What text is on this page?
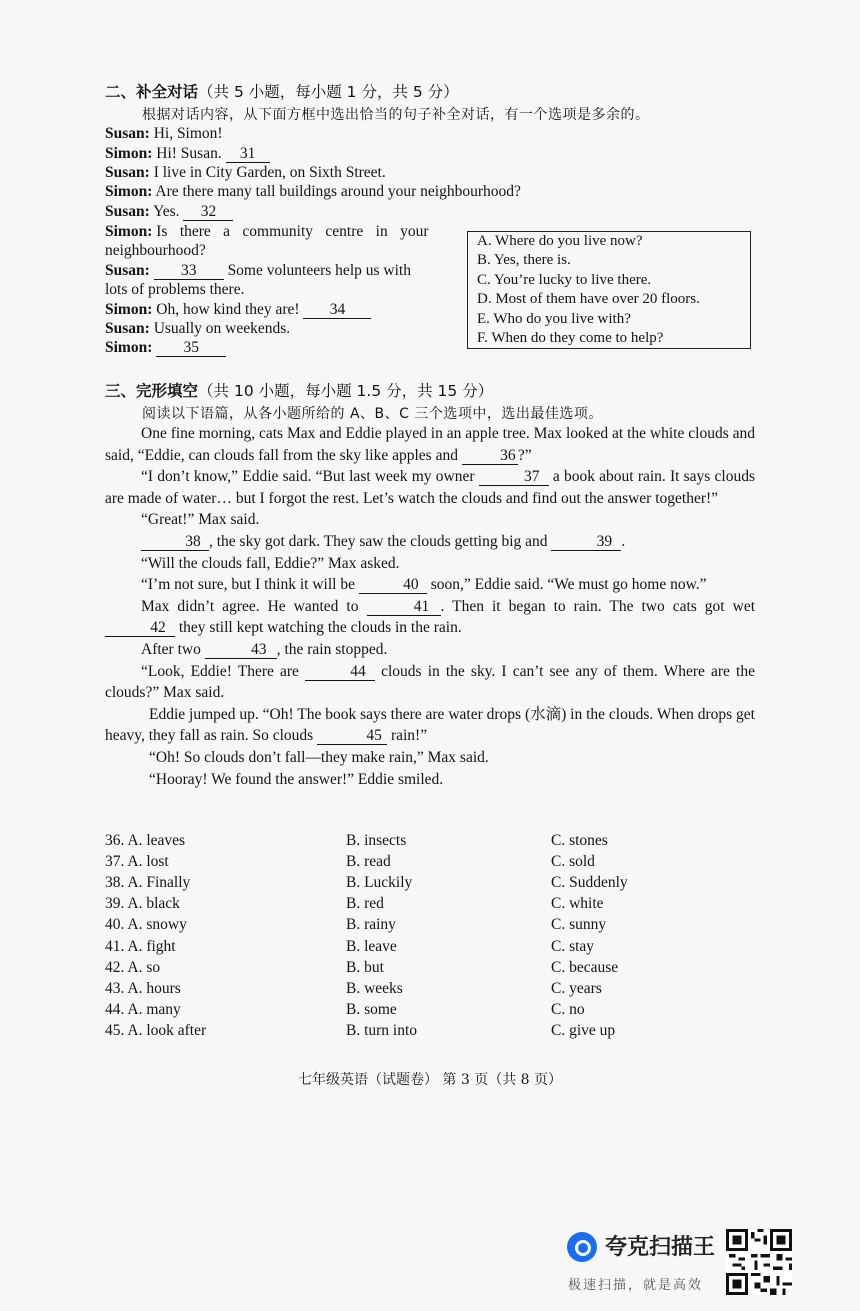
二、补全对话（共 5 小题，每小题 1 分，共 5 分）
根据对话内容，从下面方框中选出恰当的句子补全对话，有一个选项是多余的。
Susan: Hi, Simon!
Simon: Hi! Susan. 31
Susan: I live in City Garden, on Sixth Street.
Simon: Are there many tall buildings around your neighbourhood?
Susan: Yes. 32
Simon: Is there a community centre in your
neighbourhood?
Susan: 33 Some volunteers help us with
lots of problems there.
Simon: Oh, how kind they are! 34
Susan: Usually on weekends.
Simon: 35
A. Where do you live now?
B. Yes, there is.
C. You’re lucky to live there.
D. Most of them have over 20 floors.
E. Who do you live with?
F. When do they come to help?
三、完形填空（共 10 小题，每小题 1.5 分，共 15 分）
阅读以下语篇，从各小题所给的 A、B、C 三个选项中，选出最佳选项。
One fine morning, cats Max and Eddie played in an apple tree. Max looked at the white clouds and said, “Eddie, can clouds fall from the sky like apples and	36 ?”
“I don’t know,” Eddie said. “But last week my owner	37 a book about rain. It says clouds are made of water… but I forgot the rest. Let’s watch the clouds and find out the answer together!”
“Great!” Max said.
38 , the sky got dark. They saw the clouds getting big and	39 .
“Will the clouds fall, Eddie?” Max asked.
“I’m not sure, but I think it will be	40 soon,” Eddie said. “We must go home now.”
Max didn’t agree. He wanted to	41 . Then it began to rain. The two cats got wet 42 they still kept watching the clouds in the rain.
After two	43 , the rain stopped.
“Look, Eddie! There are	44 clouds in the sky. I can’t see any of them. Where are the clouds?” Max said.
Eddie jumped up. “Oh! The book says there are water drops (水滴) in the clouds. When drops get heavy, they fall as rain. So clouds	45 rain!”
“Oh! So clouds don’t fall—they make rain,” Max said.
“Hooray! We found the answer!” Eddie smiled.
36. A. leaves	B. insects	C. stones
37. A. lost	B. read	C. sold
38. A. Finally	B. Luckily	C. Suddenly
39. A. black	B. red	C. white
40. A. snowy	B. rainy	C. sunny
41. A. fight	B. leave	C. stay
42. A. so	B. but	C. because
43. A. hours	B. weeks	C. years
44. A. many	B. some	C. no
45. A. look after	B. turn into	C. give up
七年级英语（试题卷） 第 3 页（共 8 页）
夸克扫描王
极速扫描，就是高效
